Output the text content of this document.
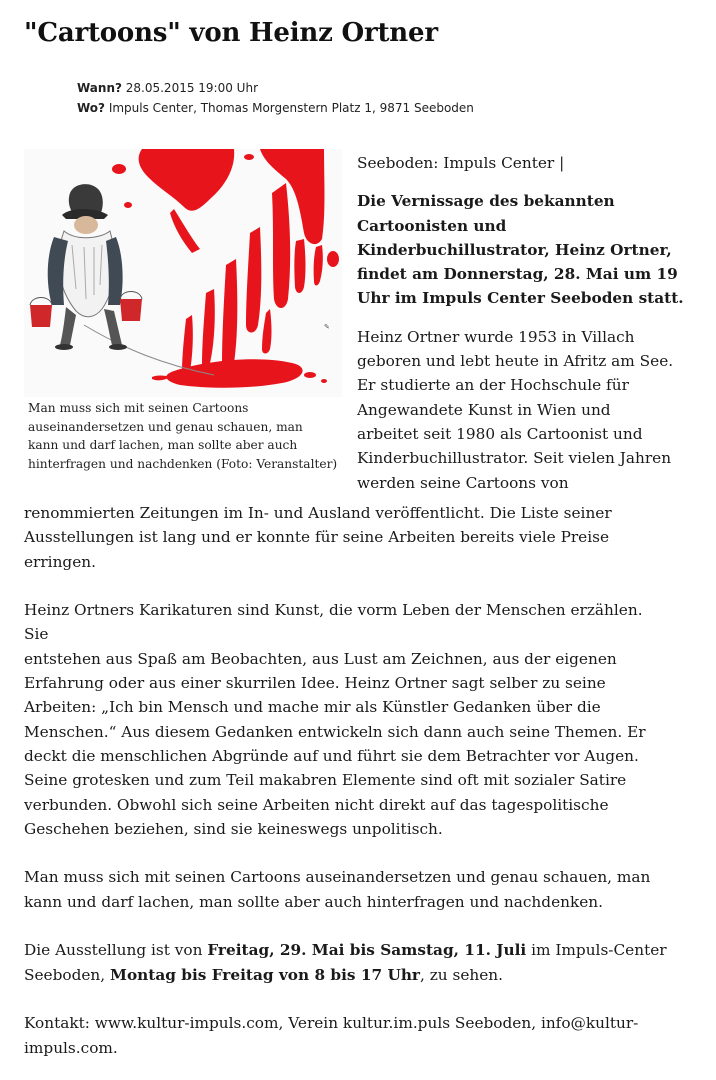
"Cartoons" von Heinz Ortner
Wann? 28.05.2015 19:00 Uhr
Wo? Impuls Center, Thomas Morgenstern Platz 1, 9871 Seeboden
✎
Man muss sich mit seinen Cartoons
auseinandersetzen und genau schauen, man
kann und darf lachen, man sollte aber auch
hinterfragen und nachdenken (Foto: Veranstalter)

Seeboden: Impuls Center |

Die Vernissage des bekannten
Cartoonisten und
Kinderbuchillustrator, Heinz Ortner,
findet am Donnerstag, 28. Mai um 19
Uhr im Impuls Center Seeboden statt.

Heinz Ortner wurde 1953 in Villach
geboren und lebt heute in Afritz am See.
Er studierte an der Hochschule für
Angewandete Kunst in Wien und
arbeitet seit 1980 als Cartoonist und
Kinderbuchillustrator. Seit vielen Jahren
werden seine Cartoons von

renommierten Zeitungen im In- und Ausland veröffentlicht. Die Liste seiner
Ausstellungen ist lang und er konnte für seine Arbeiten bereits viele Preise
erringen.
Heinz Ortners Karikaturen sind Kunst, die vorm Leben der Menschen erzählen.
Sie
entstehen aus Spaß am Beobachten, aus Lust am Zeichnen, aus der eigenen
Erfahrung oder aus einer skurrilen Idee. Heinz Ortner sagt selber zu seine
Arbeiten: „Ich bin Mensch und mache mir als Künstler Gedanken über die
Menschen.“ Aus diesem Gedanken entwickeln sich dann auch seine Themen. Er
deckt die menschlichen Abgründe auf und führt sie dem Betrachter vor Augen.
Seine grotesken und zum Teil makabren Elemente sind oft mit sozialer Satire
verbunden. Obwohl sich seine Arbeiten nicht direkt auf das tagespolitische
Geschehen beziehen, sind sie keineswegs unpolitisch.
Man muss sich mit seinen Cartoons auseinandersetzen und genau schauen, man
kann und darf lachen, man sollte aber auch hinterfragen und nachdenken.
Die Ausstellung ist von Freitag, 29. Mai bis Samstag, 11. Juli im Impuls-Center
Seeboden, Montag bis Freitag von 8 bis 17 Uhr, zu sehen.
Kontakt: www.kultur-impuls.com, Verein kultur.im.puls Seeboden, info@kultur-
impuls.com.
